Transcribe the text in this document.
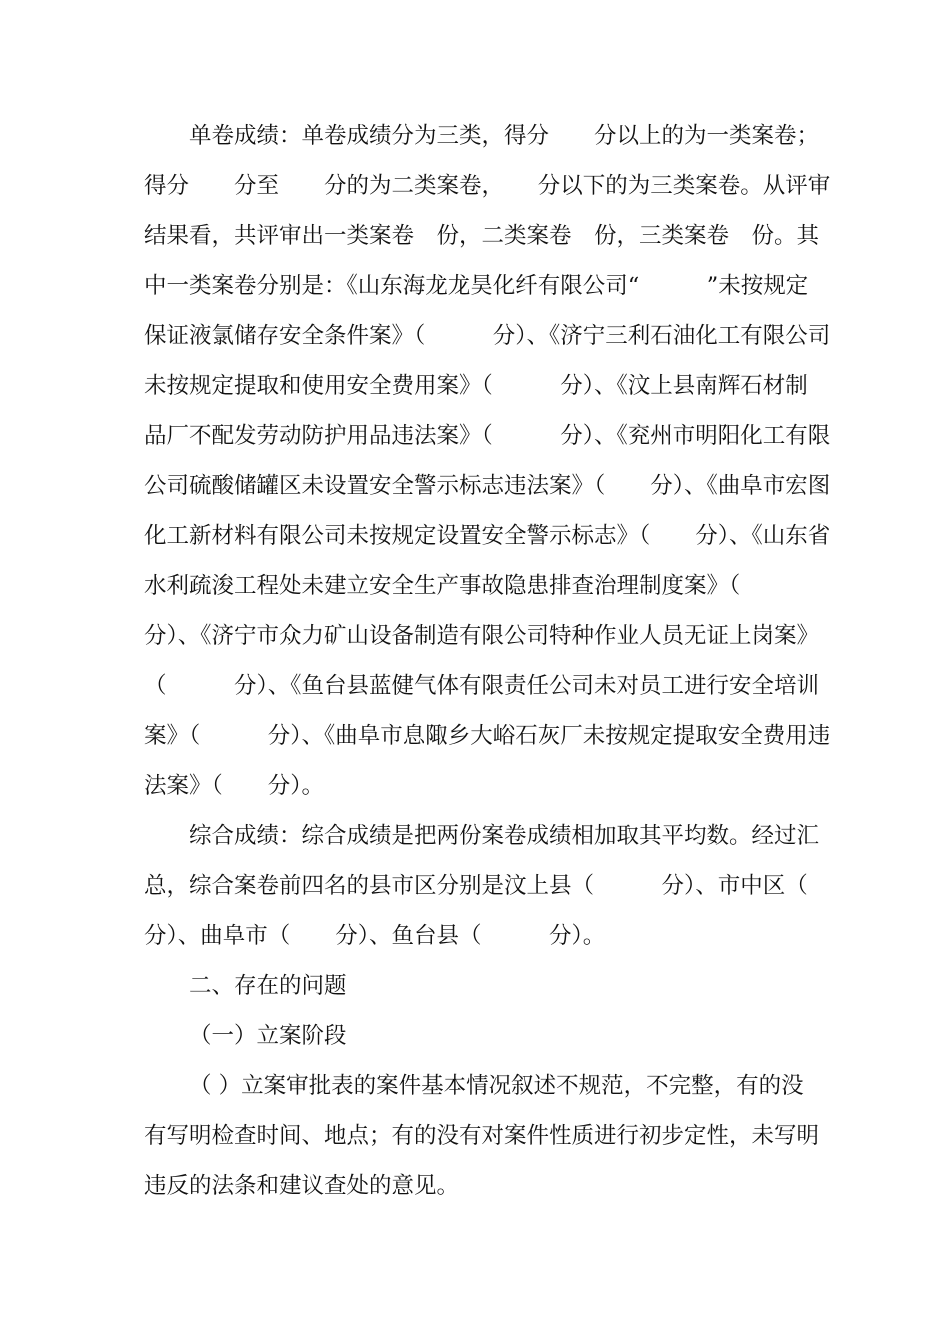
单卷成绩：单卷成绩分为三类，得分　　分以上的为一类案卷；
得分　　分至　　分的为二类案卷，　　分以下的为三类案卷。从评审
结果看，共评审出一类案卷　份，二类案卷　份，三类案卷　份。其
中一类案卷分别是：《山东海龙龙昊化纤有限公司“　　　”未按规定
保证液氯储存安全条件案》（　　　分）、《济宁三利石油化工有限公司
未按规定提取和使用安全费用案》（　　　分）、《汶上县南辉石材制
品厂不配发劳动防护用品违法案》（　　　分）、《兖州市明阳化工有限
公司硫酸储罐区未设置安全警示标志违法案》（　　分）、《曲阜市宏图
化工新材料有限公司未按规定设置安全警示标志》（　　分）、《山东省
水利疏浚工程处未建立安全生产事故隐患排查治理制度案》（
分）、《济宁市众力矿山设备制造有限公司特种作业人员无证上岗案》
（　　　分）、《鱼台县蓝健气体有限责任公司未对员工进行安全培训
案》（　　　分）、《曲阜市息陬乡大峪石灰厂未按规定提取安全费用违
法案》（　　分）。
综合成绩：综合成绩是把两份案卷成绩相加取其平均数。经过汇
总，综合案卷前四名的县市区分别是汶上县（　　　分）、市中区（
分）、曲阜市（　　分）、鱼台县（　　　分）。
二、存在的问题
（一）立案阶段
（ ）立案审批表的案件基本情况叙述不规范，不完整，有的没
有写明检查时间、地点；有的没有对案件性质进行初步定性，未写明
违反的法条和建议查处的意见。
